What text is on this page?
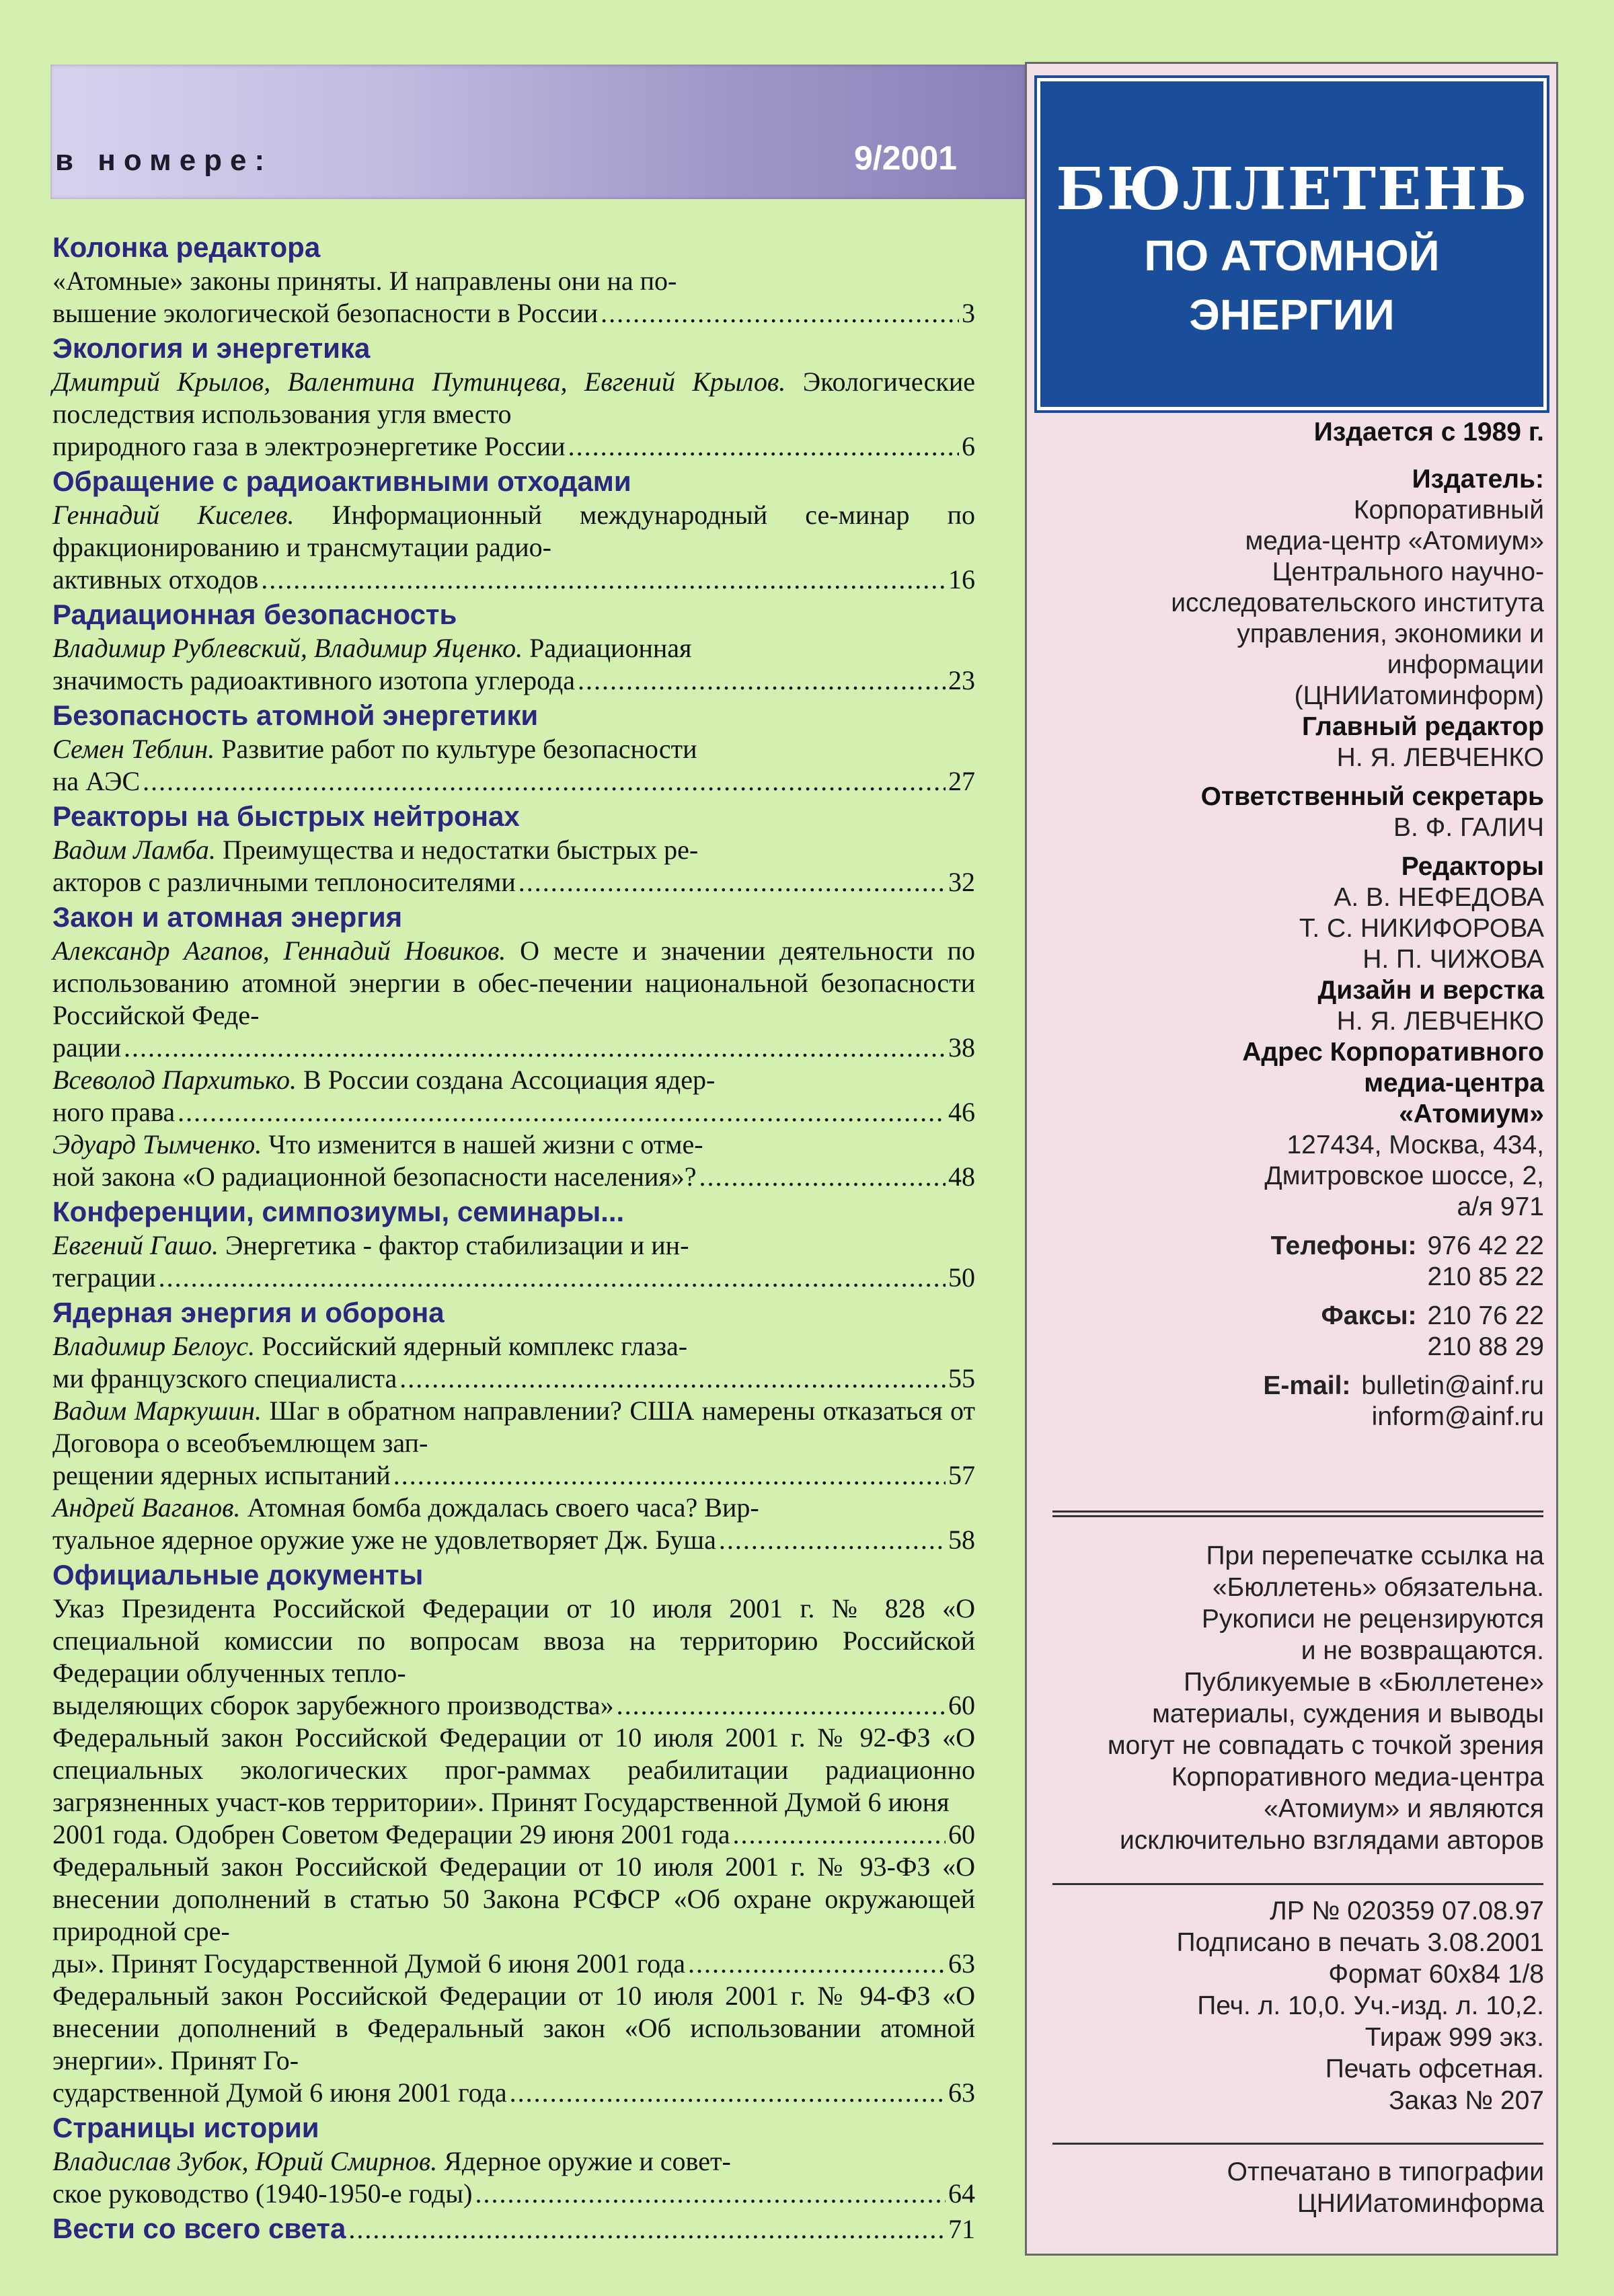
в номере:	9/2001
Колонка редактора
«Атомные» законы приняты. И направлены они на по-
вышение экологической безопасности в России .....	3
Экология и энергетика
Дмитрий Крылов, Валентина Путинцева, Евгений Крылов. Экологические последствия использования угля вместо
природного газа в электроэнергетике России .....	6
Обращение с радиоактивными отходами
Геннадий Киселев. Информационный международный се-минар по фракционированию и трансмутации радио-
активных отходов .....	16
Радиационная безопасность
Владимир Рублевский, Владимир Яценко. Радиационная
значимость радиоактивного изотопа углерода .....	23
Безопасность атомной энергетики
Семен Теблин. Развитие работ по культуре безопасности
на АЭС .....	27
Реакторы на быстрых нейтронах
Вадим Ламба. Преимущества и недостатки быстрых ре-
акторов с различными теплоносителями .....	32
Закон и атомная энергия
Александр Агапов, Геннадий Новиков. О месте и значении деятельности по использованию атомной энергии в обес-печении национальной безопасности Российской Феде-
рации .....	38
Всеволод Пархитько. В России создана Ассоциация ядер-
ного права .....	46
Эдуард Тымченко. Что изменится в нашей жизни с отме-
ной закона «О радиационной безопасности населения»? .....	48
Конференции, симпозиумы, семинары...
Евгений Гашо. Энергетика - фактор стабилизации и ин-
теграции .....	50
Ядерная энергия и оборона
Владимир Белоус. Российский ядерный комплекс глаза-
ми французского специалиста .....	55
Вадим Маркушин. Шаг в обратном направлении? США намерены отказаться от Договора о всеобъемлющем зап-
рещении ядерных испытаний .....	57
Андрей Ваганов. Атомная бомба дождалась своего часа? Вир-
туальное ядерное оружие уже не удовлетворяет Дж. Буша .....	58
Официальные документы
Указ Президента Российской Федерации от 10 июля 2001 г. № 828 «О специальной комиссии по вопросам ввоза на территорию Российской Федерации облученных тепло-
выделяющих сборок зарубежного производства» .....	60
Федеральный закон Российской Федерации от 10 июля 2001 г. № 92-ФЗ «О специальных экологических прог-раммах реабилитации радиационно загрязненных участ-ков территории». Принят Государственной Думой 6 июня
2001 года. Одобрен Советом Федерации 29 июня 2001 года .....	60
Федеральный закон Российской Федерации от 10 июля 2001 г. № 93-ФЗ «О внесении дополнений в статью 50 Закона РСФСР «Об охране окружающей природной сре-
ды». Принят Государственной Думой 6 июня 2001 года .....	63
Федеральный закон Российской Федерации от 10 июля 2001 г. № 94-ФЗ «О внесении дополнений в Федеральный закон «Об использовании атомной энергии». Принят Го-
сударственной Думой 6 июня 2001 года .....	63
Страницы истории
Владислав Зубок, Юрий Смирнов. Ядерное оружие и совет-
ское руководство (1940-1950-е годы) .....	64
Вести со всего света .....	71
БЮЛЛЕТЕНЬ
ПО АТОМНОЙ
ЭНЕРГИИ
Издается с 1989 г.
Издатель:
Корпоративный
медиа-центр «Атомиум»
Центрального научно-
исследовательского института
управления, экономики и
информации
(ЦНИИатоминформ)
Главный редактор
Н. Я. ЛЕВЧЕНКО
Ответственный секретарь
В. Ф. ГАЛИЧ
Редакторы
А. В. НЕФЕДОВА
Т. С. НИКИФОРОВА
Н. П. ЧИЖОВА
Дизайн и верстка
Н. Я. ЛЕВЧЕНКО
Адрес Корпоративного
медиа-центра
«Атомиум»
127434, Москва, 434,
Дмитровское шоссе, 2,
а/я 971
Телефоны: 976 42 22
210 85 22
Факсы: 210 76 22
210 88 29
E-mail: bulletin@ainf.ru
inform@ainf.ru
При перепечатке ссылка на
«Бюллетень» обязательна.
Рукописи не рецензируются
и не возвращаются.
Публикуемые в «Бюллетене»
материалы, суждения и выводы
могут не совпадать с точкой зрения
Корпоративного медиа-центра
«Атомиум» и являются
исключительно взглядами авторов
ЛР № 020359 07.08.97
Подписано в печать 3.08.2001
Формат 60x84 1/8
Печ. л. 10,0. Уч.-изд. л. 10,2.
Тираж 999 экз.
Печать офсетная.
Заказ № 207
Отпечатано в типографии
ЦНИИатоминформа
